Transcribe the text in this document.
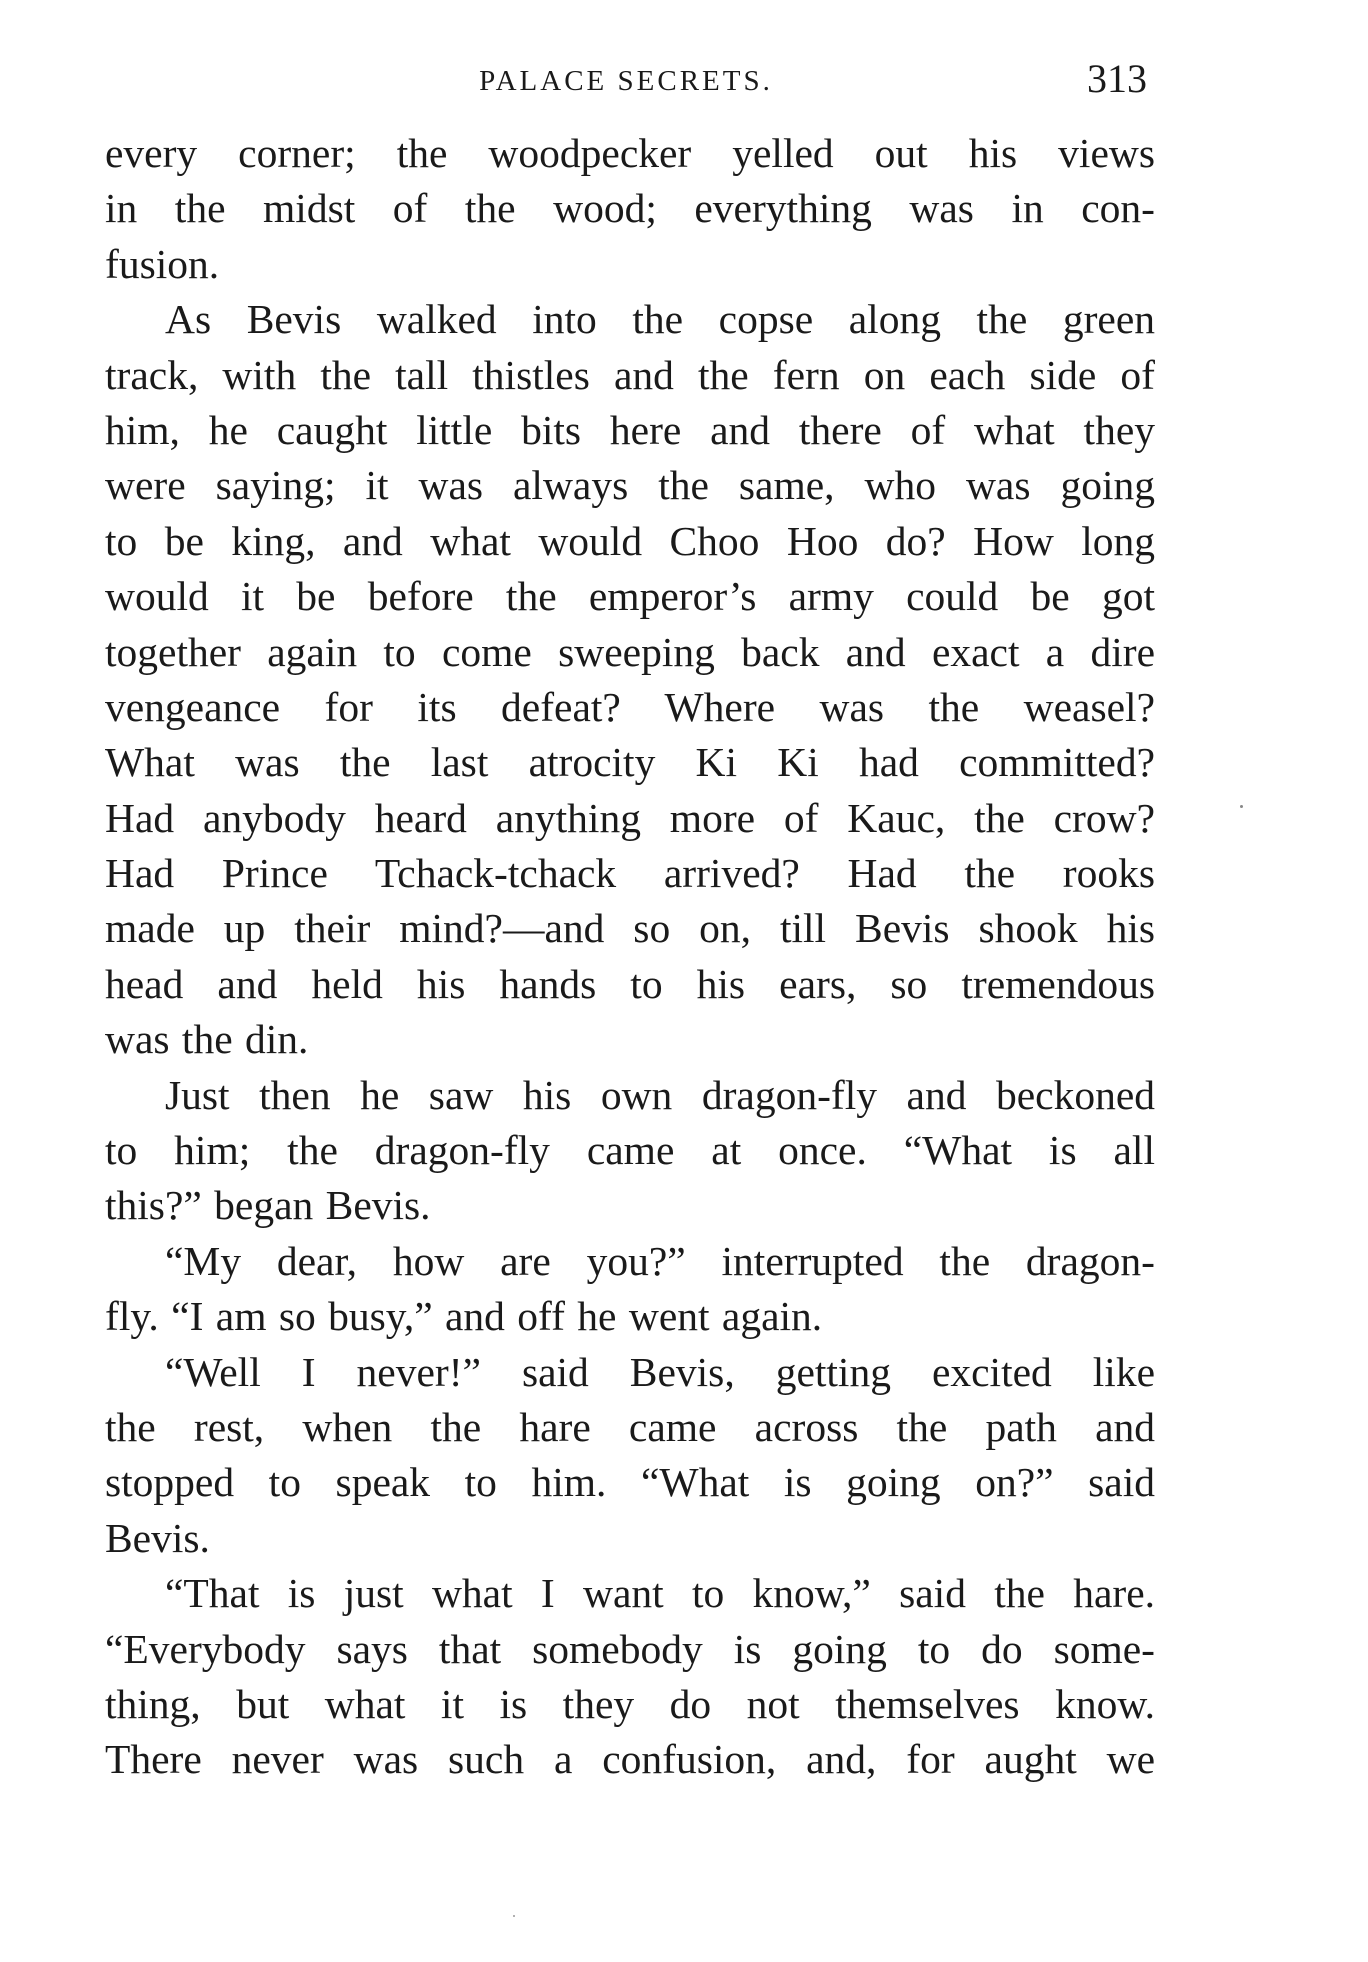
PALACE SECRETS.	313
every corner; the woodpecker yelled out his views
in the midst of the wood; everything was in con-
fusion.
As Bevis walked into the copse along the green
track, with the tall thistles and the fern on each side of
him, he caught little bits here and there of what they
were saying; it was always the same, who was going
to be king, and what would Choo Hoo do? How long
would it be before the emperor’s army could be got
together again to come sweeping back and exact a dire
vengeance for its defeat? Where was the weasel?
What was the last atrocity Ki Ki had committed?
Had anybody heard anything more of Kauc, the crow?
Had Prince Tchack-tchack arrived? Had the rooks
made up their mind?—and so on, till Bevis shook his
head and held his hands to his ears, so tremendous
was the din.
Just then he saw his own dragon-fly and beckoned
to him; the dragon-fly came at once. “What is all
this?” began Bevis.
“My dear, how are you?” interrupted the dragon-
fly. “I am so busy,” and off he went again.
“Well I never!” said Bevis, getting excited like
the rest, when the hare came across the path and
stopped to speak to him. “What is going on?” said
Bevis.
“That is just what I want to know,” said the hare.
“Everybody says that somebody is going to do some-
thing, but what it is they do not themselves know.
There never was such a confusion, and, for aught we
